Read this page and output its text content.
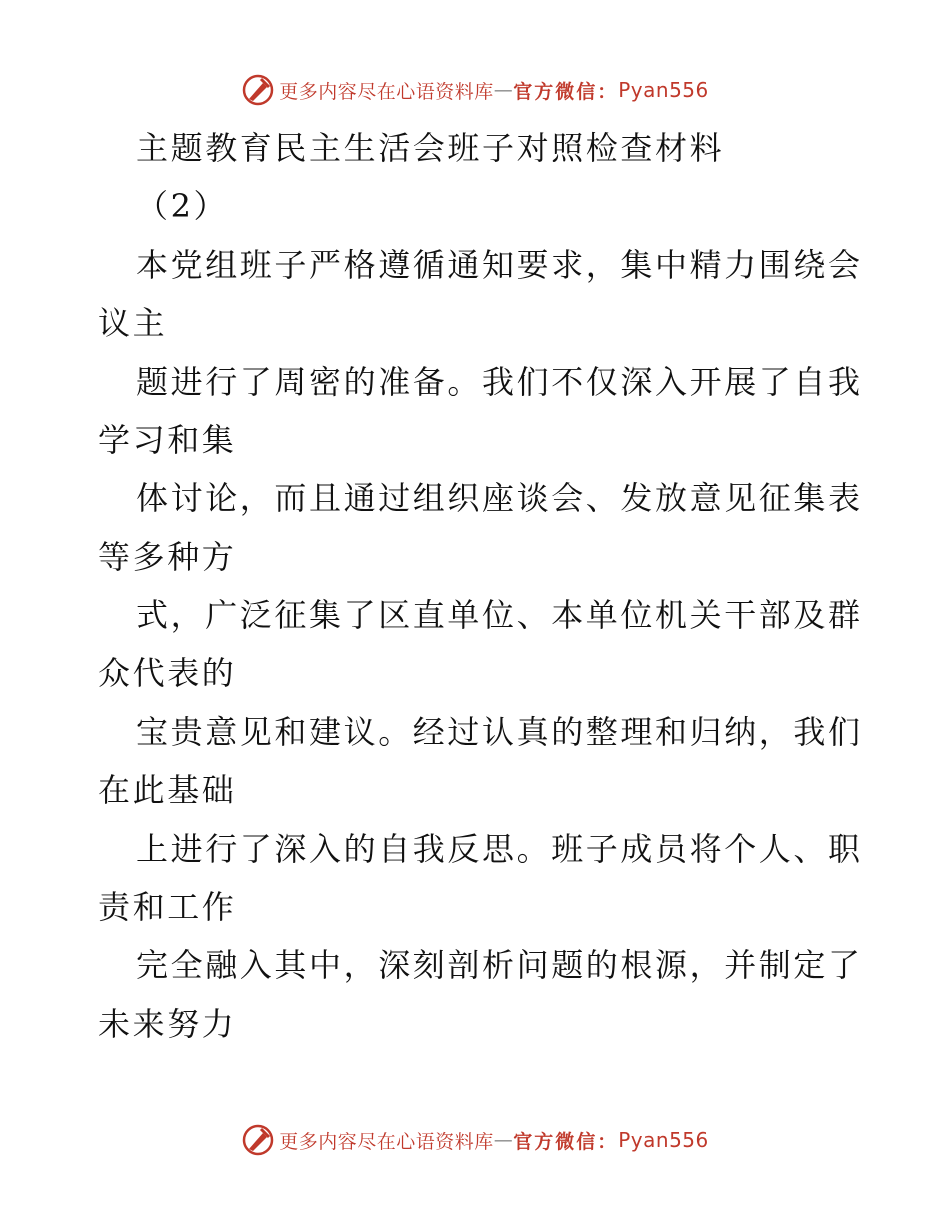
更多内容尽在心语资料库 — 官方微信： Pyan556
主题教育民主生活会班子对照检查材料
（2）
本党组班子严格遵循通知要求，集中精力围绕会
议主
题进行了周密的准备。我们不仅深入开展了自我
学习和集
体讨论，而且通过组织座谈会、发放意见征集表
等多种方
式，广泛征集了区直单位、本单位机关干部及群
众代表的
宝贵意见和建议。经过认真的整理和归纳，我们
在此基础
上进行了深入的自我反思。班子成员将个人、职
责和工作
完全融入其中，深刻剖析问题的根源，并制定了
未来努力
更多内容尽在心语资料库 — 官方微信： Pyan556
